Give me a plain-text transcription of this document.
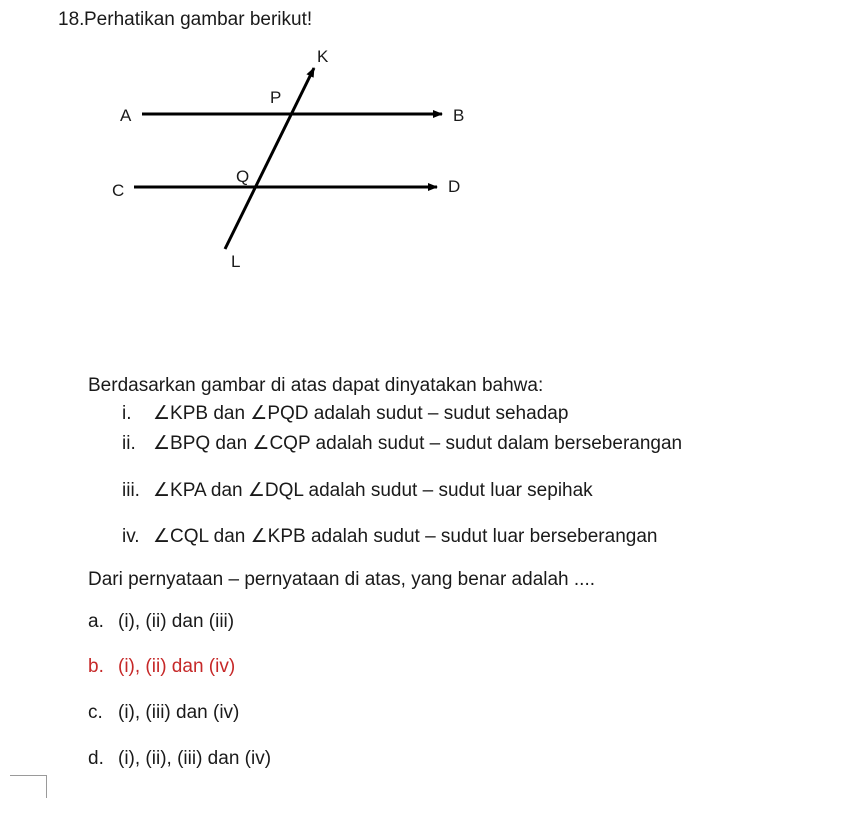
18.Perhatikan gambar berikut!
K
P
A	B
Q
C	D
L
Berdasarkan gambar di atas dapat dinyatakan bahwa:
i. ∠KPB dan ∠PQD adalah sudut – sudut sehadap
ii. ∠BPQ dan ∠CQP adalah sudut – sudut dalam berseberangan
iii. ∠KPA dan ∠DQL adalah sudut – sudut luar sepihak
iv. ∠CQL dan ∠KPB adalah sudut – sudut luar berseberangan
Dari pernyataan – pernyataan di atas, yang benar adalah ....
a. (i), (ii) dan (iii)
b. (i), (ii) dan (iv)
c. (i), (iii) dan (iv)
d. (i), (ii), (iii) dan (iv)
